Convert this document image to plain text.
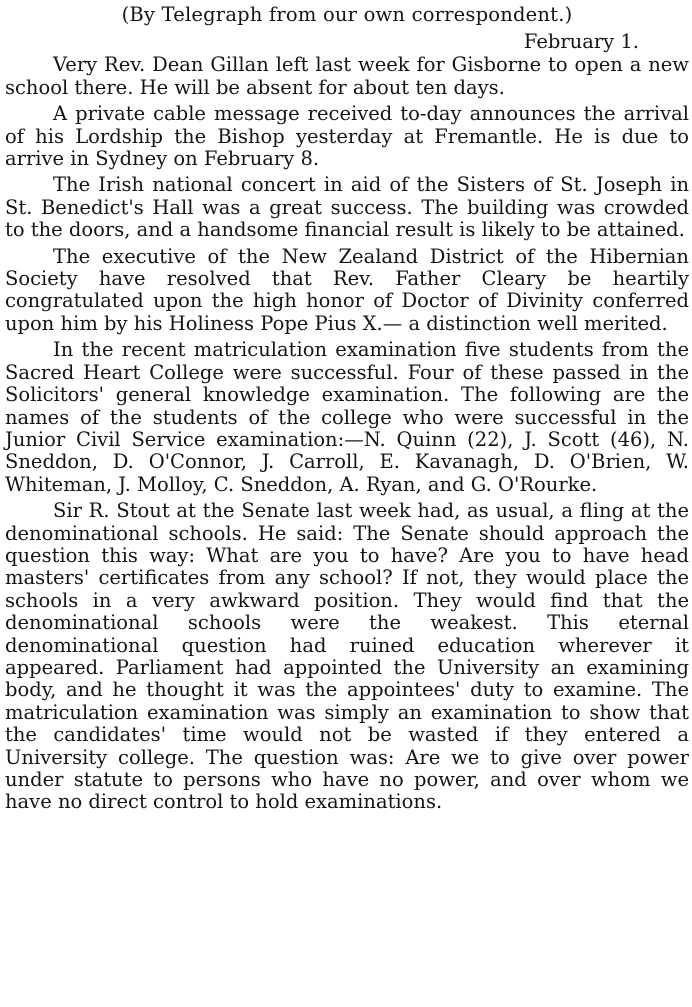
(By Telegraph from our own correspondent.)

February 1.

Very Rev. Dean Gillan left last week for Gisborne to open a new school there. He will be absent for about ten days.

A private cable message received to-day announces the arrival of his Lordship the Bishop yesterday at Fremantle. He is due to arrive in Sydney on February 8.

The Irish national concert in aid of the Sisters of St. Joseph in St. Benedict's Hall was a great success. The building was crowded to the doors, and a handsome financial result is likely to be attained.

The executive of the New Zealand District of the Hibernian Society have resolved that Rev. Father Cleary be heartily congratulated upon the high honor of Doctor of Divinity conferred upon him by his Holiness Pope Pius X.— a distinction well merited.

In the recent matriculation examination five students from the Sacred Heart College were successful. Four of these passed in the Solicitors' general knowledge examination. The following are the names of the students of the college who were successful in the Junior Civil Service examination:—N. Quinn (22), J. Scott (46), N. Sneddon, D. O'Connor, J. Carroll, E. Kavanagh, D. O'Brien, W. Whiteman, J. Molloy, C. Sneddon, A. Ryan, and G. O'Rourke.

Sir R. Stout at the Senate last week had, as usual, a fling at the denominational schools. He said: The Senate should approach the question this way: What are you to have? Are you to have head masters' certificates from any school? If not, they would place the schools in a very awkward position. They would find that the denominational schools were the weakest. This eternal denominational question had ruined education wherever it appeared. Parliament had appointed the University an examining body, and he thought it was the appointees' duty to examine. The matriculation examination was simply an examination to show that the candidates' time would not be wasted if they entered a University college. The question was: Are we to give over power under statute to persons who have no power, and over whom we have no direct control to hold examinations.
